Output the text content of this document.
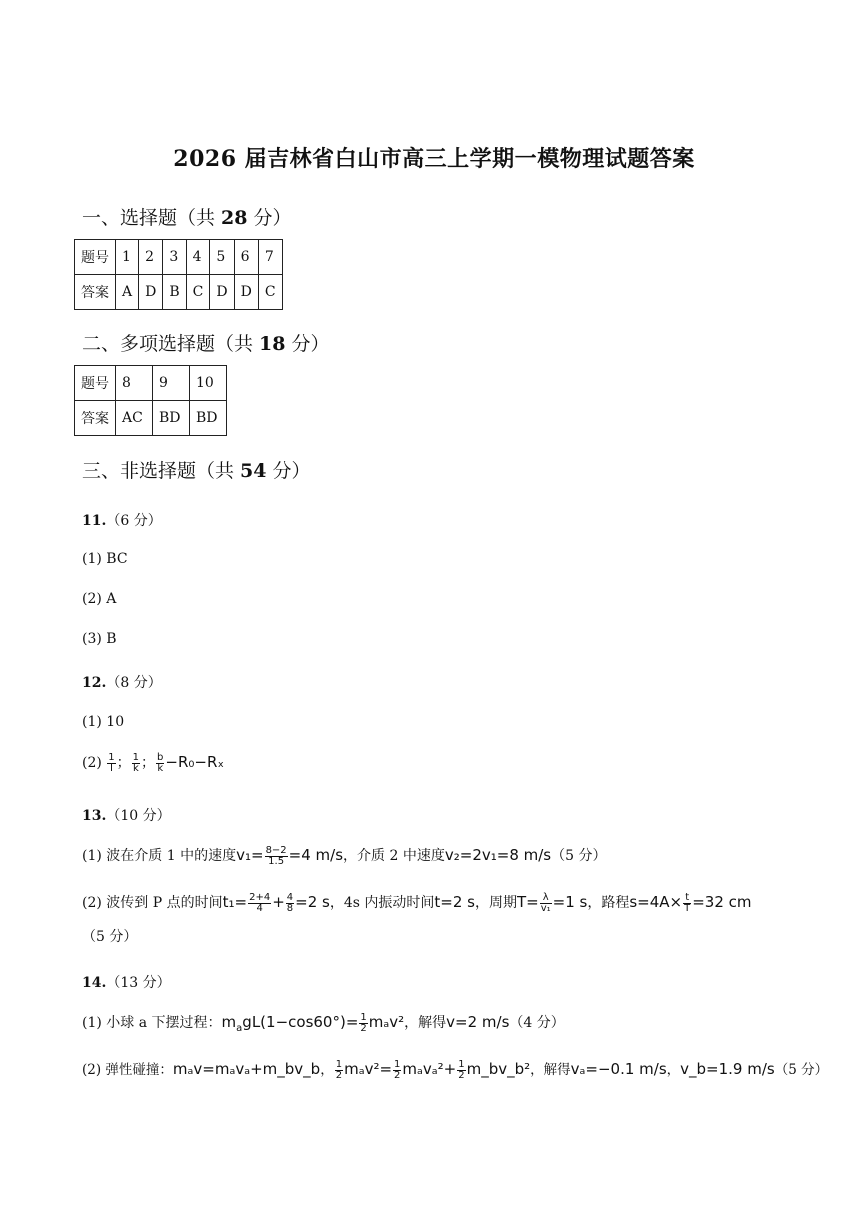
2026 届吉林省白山市高三上学期一模物理试题答案
一、选择题（共 28 分）
题号	1	2	3	4	5	6	7
答案	A	D	B	C	D	D	C
二、多项选择题（共 18 分）
题号	8	9	10
答案	AC	BD	BD
三、非选择题（共 54 分）
11.（6 分）
(1) BC
(2) A
(3) B
12.（8 分）
(1) 10
$(2) \frac{1}{I}$ ； $\frac{1}{k}$ ； $\frac{b}{k} -R_0-R_x$
13.（10 分）
(1) 波在介质 1 中的速度$v_1= \frac{8-2}{1.5} =4$ m/s，介质 2 中速度v₂=2v₁=8 m/s（5 分）
(2) 波传到 P 点的时间$t_1= \frac{2+4}{4} + \frac{4}{8} =2$ s，4s 内振动时间t=2 s，周期$T= \frac{\lambda}{\text{v₁}} =1$ s，路程$s=4A\times \frac{t}{T} =32$ cm
（5 分）
14.（13 分）
(1) 小球 a 下摆过程：$m_agL(1-\cos 60^\circ)= \frac{1}{2} m_av^2$，解得v=2 m/s（4 分）
(2) 弹性碰撞：mₐv=mₐvₐ+m_bv_b， $\frac{1}{2} m_av^2= \frac{1}{2} m_av_a^2+ \frac{1}{2}$ m_bv_b²，解得vₐ=−0.1 m/s，v_b=1.9 m/s（5 分）
